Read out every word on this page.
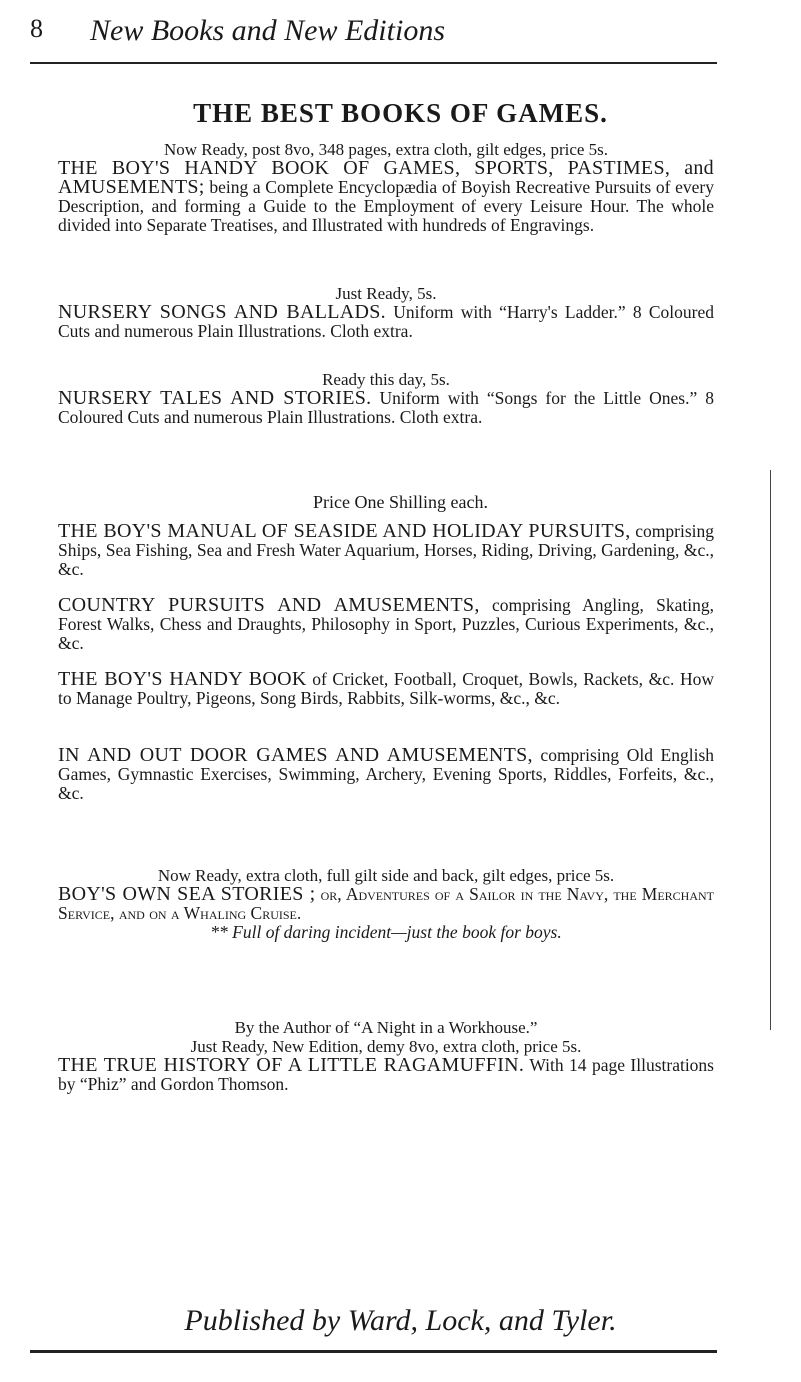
8 New Books and New Editions
THE BEST BOOKS OF GAMES.
Now Ready, post 8vo, 348 pages, extra cloth, gilt edges, price 5s.
THE BOY'S HANDY BOOK OF GAMES, SPORTS, PASTIMES, and AMUSEMENTS; being a Complete Encyclopædia of Boyish Recreative Pursuits of every Description, and forming a Guide to the Employment of every Leisure Hour. The whole divided into Separate Treatises, and Illustrated with hundreds of Engravings.
Just Ready, 5s.
NURSERY SONGS AND BALLADS. Uniform with “Harry's Ladder.” 8 Coloured Cuts and numerous Plain Illustrations. Cloth extra.
Ready this day, 5s.
NURSERY TALES AND STORIES. Uniform with “Songs for the Little Ones.” 8 Coloured Cuts and numerous Plain Illustrations. Cloth extra.
Price One Shilling each.
THE BOY'S MANUAL OF SEASIDE AND HOLIDAY PURSUITS, comprising Ships, Sea Fishing, Sea and Fresh Water Aquarium, Horses, Riding, Driving, Gardening, &c., &c.
COUNTRY PURSUITS AND AMUSEMENTS, comprising Angling, Skating, Forest Walks, Chess and Draughts, Philosophy in Sport, Puzzles, Curious Experiments, &c., &c.
THE BOY'S HANDY BOOK of Cricket, Football, Croquet, Bowls, Rackets, &c. How to Manage Poultry, Pigeons, Song Birds, Rabbits, Silk-worms, &c., &c.
IN AND OUT DOOR GAMES AND AMUSEMENTS, comprising Old English Games, Gymnastic Exercises, Swimming, Archery, Evening Sports, Riddles, Forfeits, &c., &c.
Now Ready, extra cloth, full gilt side and back, gilt edges, price 5s.
BOY'S OWN SEA STORIES ; or, Adventures of a Sailor in the Navy, the Merchant Service, and on a Whaling Cruise.
** Full of daring incident—just the book for boys.
By the Author of “A Night in a Workhouse.”
Just Ready, New Edition, demy 8vo, extra cloth, price 5s.
THE TRUE HISTORY OF A LITTLE RAGAMUFFIN. With 14 page Illustrations by “Phiz” and Gordon Thomson.
Published by Ward, Lock, and Tyler.
